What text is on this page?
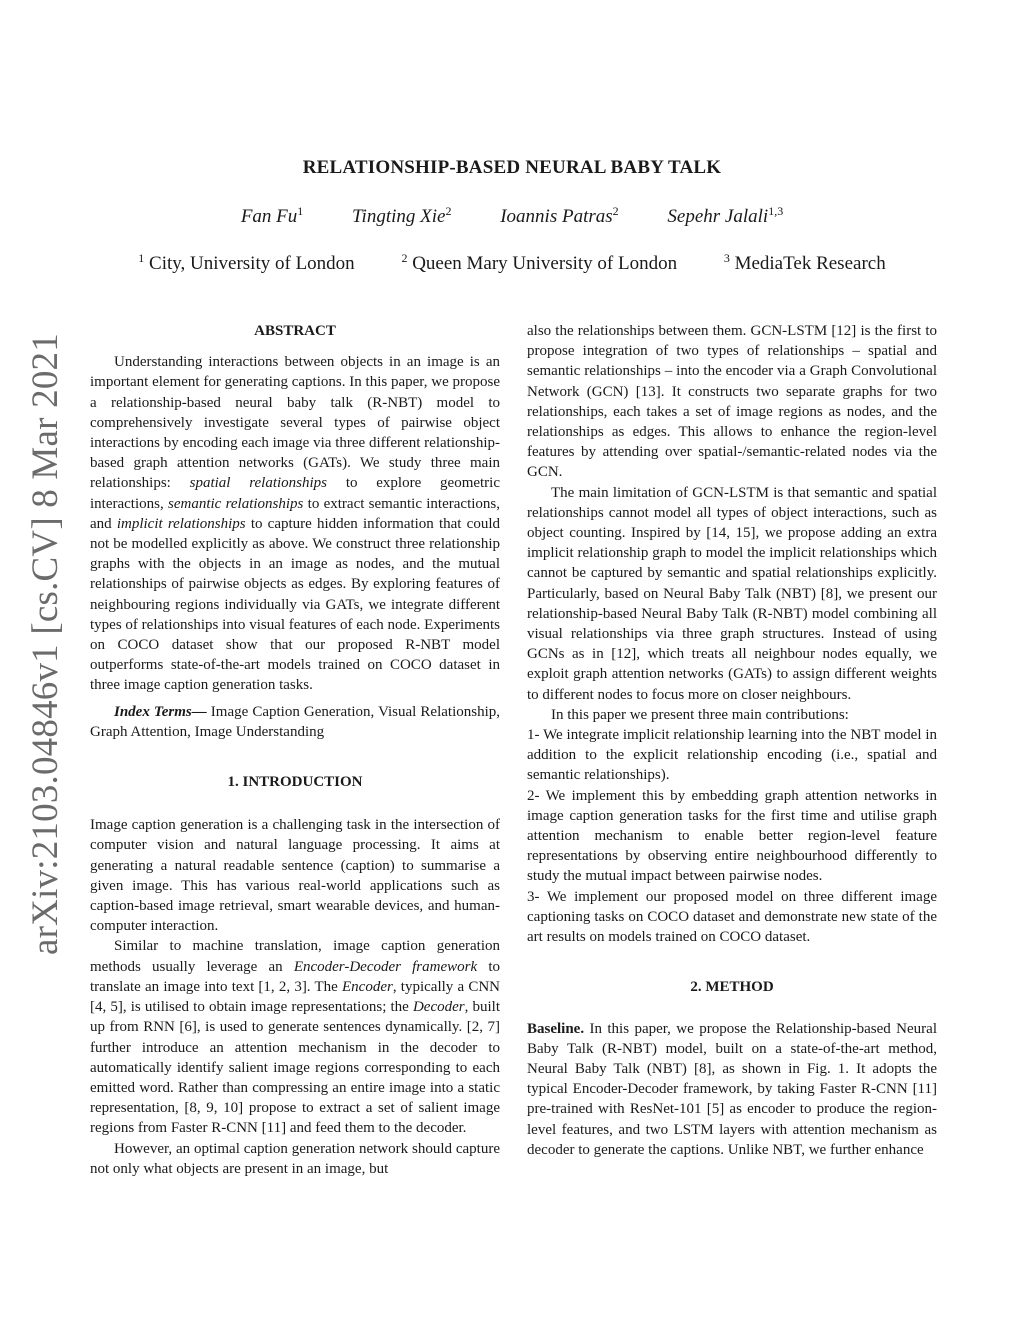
arXiv:2103.04846v1 [cs.CV] 8 Mar 2021
RELATIONSHIP-BASED NEURAL BABY TALK
Fan Fu$^1$	Tingting Xie$^2$	Ioannis Patras$^2$	Sepehr Jalali$^{1,3}$
$^1$ City, University of London	$^2$ Queen Mary University of London	$^3$ MediaTek Research
ABSTRACT

Understanding interactions between objects in an image is an important element for generating captions. In this paper, we propose a relationship-based neural baby talk (R-NBT) model to comprehensively investigate several types of pairwise object interactions by encoding each image via three different relationship-based graph attention networks (GATs). We study three main relationships: spatial relationships to explore geometric interactions, semantic relationships to extract semantic interactions, and implicit relationships to capture hidden information that could not be modelled explicitly as above. We construct three relationship graphs with the objects in an image as nodes, and the mutual relationships of pairwise objects as edges. By exploring features of neighbouring regions individually via GATs, we integrate different types of relationships into visual features of each node. Experiments on COCO dataset show that our proposed R-NBT model outperforms state-of-the-art models trained on COCO dataset in three image caption generation tasks.

Index Terms— Image Caption Generation, Visual Relationship, Graph Attention, Image Understanding

1. INTRODUCTION

Image caption generation is a challenging task in the intersection of computer vision and natural language processing. It aims at generating a natural readable sentence (caption) to summarise a given image. This has various real-world applications such as caption-based image retrieval, smart wearable devices, and human-computer interaction.

Similar to machine translation, image caption generation methods usually leverage an Encoder-Decoder framework to translate an image into text [1, 2, 3]. The Encoder, typically a CNN [4, 5], is utilised to obtain image representations; the Decoder, built up from RNN [6], is used to generate sentences dynamically. [2, 7] further introduce an attention mechanism in the decoder to automatically identify salient image regions corresponding to each emitted word. Rather than compressing an entire image into a static representation, [8, 9, 10] propose to extract a set of salient image regions from Faster R-CNN [11] and feed them to the decoder.

However, an optimal caption generation network should capture not only what objects are present in an image, but

also the relationships between them. GCN-LSTM [12] is the first to propose integration of two types of relationships – spatial and semantic relationships – into the encoder via a Graph Convolutional Network (GCN) [13]. It constructs two separate graphs for two relationships, each takes a set of image regions as nodes, and the relationships as edges. This allows to enhance the region-level features by attending over spatial-/semantic-related nodes via the GCN.

The main limitation of GCN-LSTM is that semantic and spatial relationships cannot model all types of object interactions, such as object counting. Inspired by [14, 15], we propose adding an extra implicit relationship graph to model the implicit relationships which cannot be captured by semantic and spatial relationships explicitly. Particularly, based on Neural Baby Talk (NBT) [8], we present our relationship-based Neural Baby Talk (R-NBT) model combining all visual relationships via three graph structures. Instead of using GCNs as in [12], which treats all neighbour nodes equally, we exploit graph attention networks (GATs) to assign different weights to different nodes to focus more on closer neighbours.

In this paper we present three main contributions:

1- We integrate implicit relationship learning into the NBT model in addition to the explicit relationship encoding (i.e., spatial and semantic relationships).

2- We implement this by embedding graph attention networks in image caption generation tasks for the first time and utilise graph attention mechanism to enable better region-level feature representations by observing entire neighbourhood differently to study the mutual impact between pairwise nodes.

3- We implement our proposed model on three different image captioning tasks on COCO dataset and demonstrate new state of the art results on models trained on COCO dataset.

2. METHOD

Baseline. In this paper, we propose the Relationship-based Neural Baby Talk (R-NBT) model, built on a state-of-the-art method, Neural Baby Talk (NBT) [8], as shown in Fig. 1. It adopts the typical Encoder-Decoder framework, by taking Faster R-CNN [11] pre-trained with ResNet-101 [5] as encoder to produce the region-level features, and two LSTM layers with attention mechanism as decoder to generate the captions. Unlike NBT, we further enhance
